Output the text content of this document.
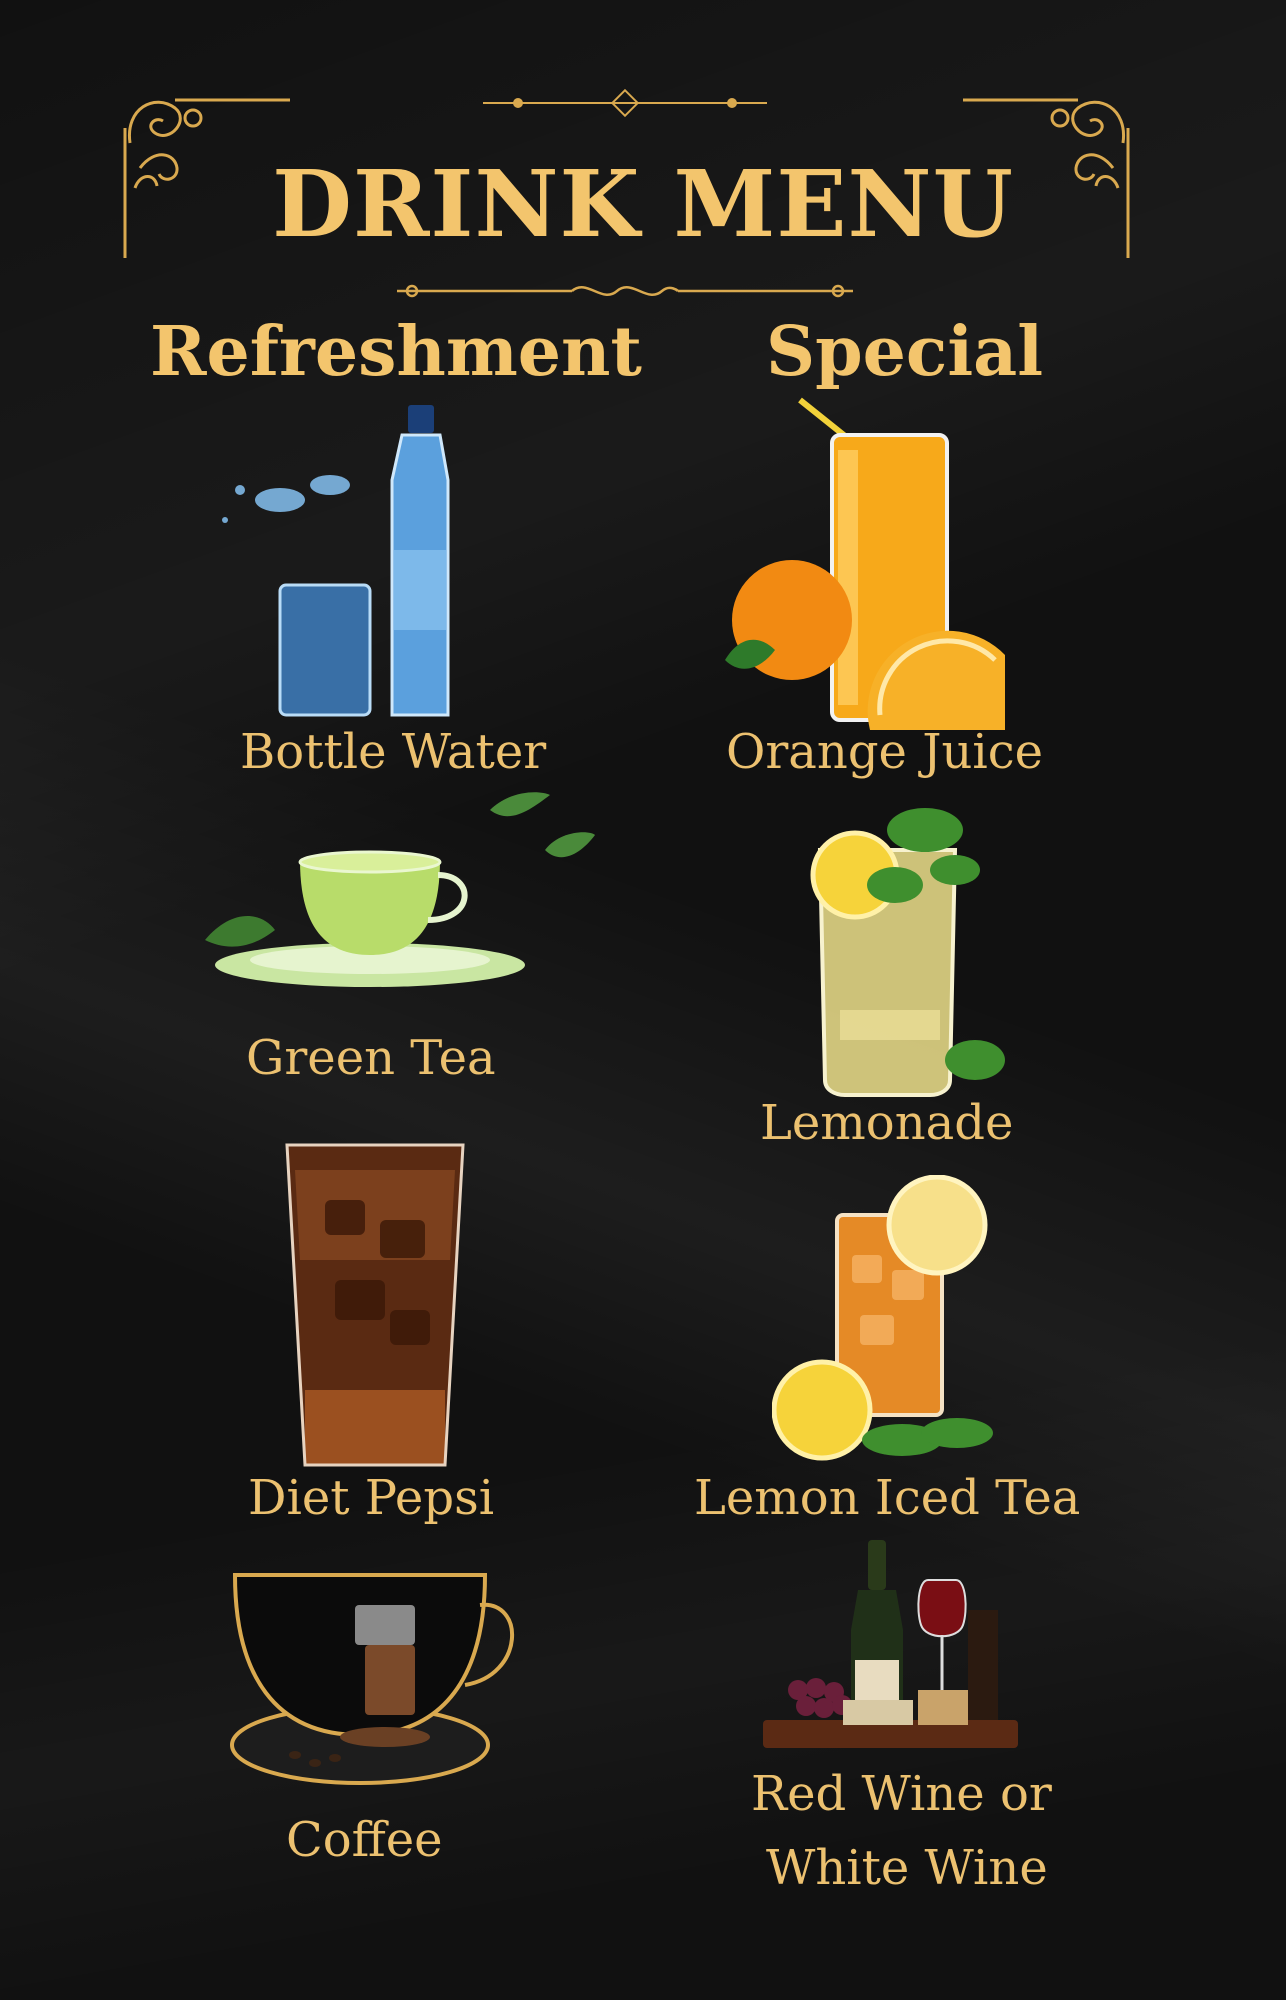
DRINK MENU
Refreshment Special
Bottle Water
Green Tea
Diet Pepsi
Coffee
Orange Juice
Lemonade
Lemon Iced Tea
Red Wine or
White Wine
